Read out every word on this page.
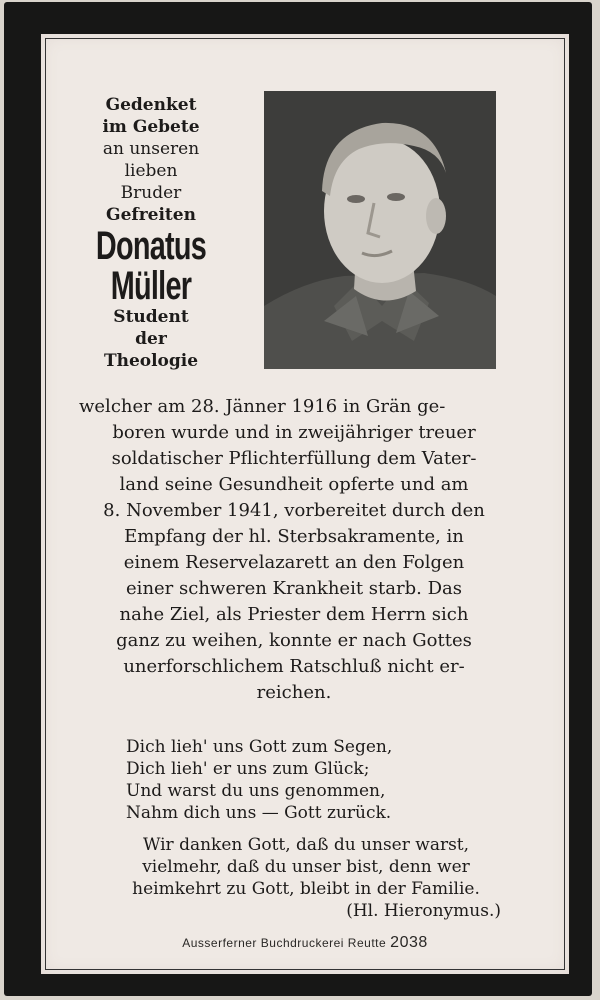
Gedenket
im Gebete
an unseren
lieben
Bruder
Gefreiten
Donatus
Müller
Student
der
Theologie
welcher am 28. Jänner 1916 in Grän ge-
boren wurde und in zweijähriger treuer
soldatischer Pflichterfüllung dem Vater-
land seine Gesundheit opferte und am
8. November 1941, vorbereitet durch den
Empfang der hl. Sterbsakramente, in
einem Reservelazarett an den Folgen
einer schweren Krankheit starb. Das
nahe Ziel, als Priester dem Herrn sich
ganz zu weihen, konnte er nach Gottes
unerforschlichem Ratschluß nicht er-
reichen.
Dich lieh' uns Gott zum Segen,
Dich lieh' er uns zum Glück;
Und warst du uns genommen,
Nahm dich uns — Gott zurück.
Wir danken Gott, daß du unser warst,
vielmehr, daß du unser bist, denn wer
heimkehrt zu Gott, bleibt in der Familie.
(Hl. Hieronymus.)
Ausserferner Buchdruckerei Reutte 2038
